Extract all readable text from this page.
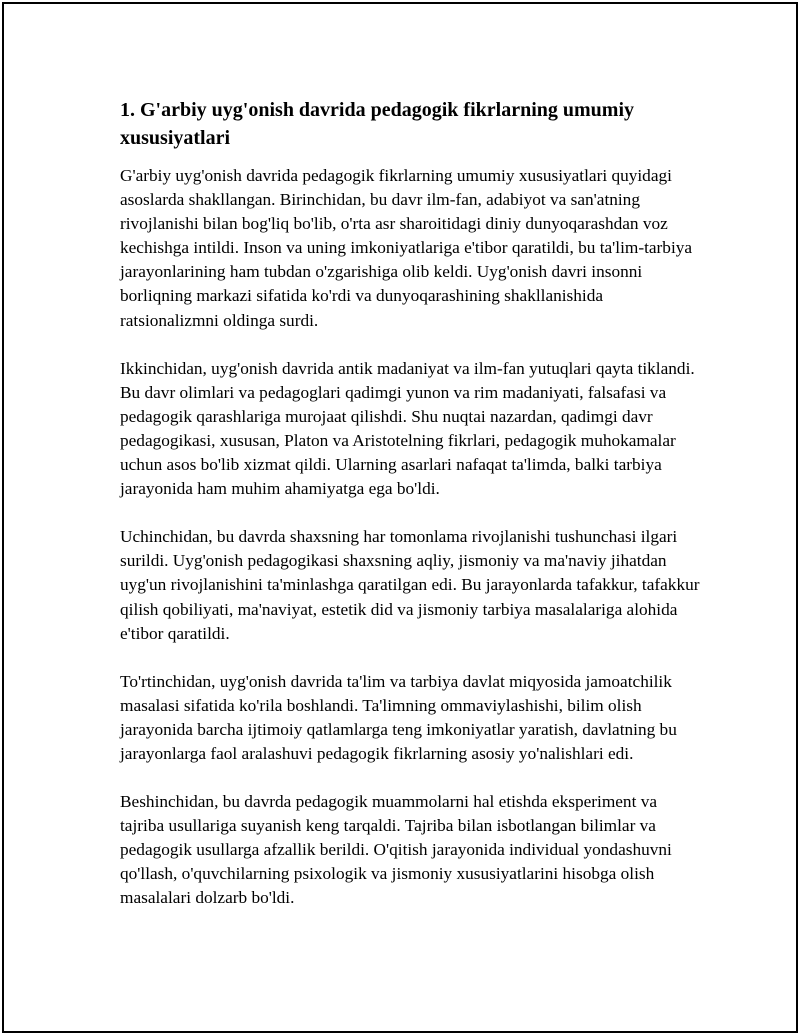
1. G'arbiy uyg'onish davrida pedagogik fikrlarning umumiy xususiyatlari

G'arbiy uyg'onish davrida pedagogik fikrlarning umumiy xususiyatlari quyidagi asoslarda shakllangan. Birinchidan, bu davr ilm-fan, adabiyot va san'atning rivojlanishi bilan bog'liq bo'lib, o'rta asr sharoitidagi diniy dunyoqarashdan voz kechishga intildi. Inson va uning imkoniyatlariga e'tibor qaratildi, bu ta'lim-tarbiya jarayonlarining ham tubdan o'zgarishiga olib keldi. Uyg'onish davri insonni borliqning markazi sifatida ko'rdi va dunyoqarashining shakllanishida ratsionalizmni oldinga surdi.

Ikkinchidan, uyg'onish davrida antik madaniyat va ilm-fan yutuqlari qayta tiklandi. Bu davr olimlari va pedagoglari qadimgi yunon va rim madaniyati, falsafasi va pedagogik qarashlariga murojaat qilishdi. Shu nuqtai nazardan, qadimgi davr pedagogikasi, xususan, Platon va Aristotelning fikrlari, pedagogik muhokamalar uchun asos bo'lib xizmat qildi. Ularning asarlari nafaqat ta'limda, balki tarbiya jarayonida ham muhim ahamiyatga ega bo'ldi.

Uchinchidan, bu davrda shaxsning har tomonlama rivojlanishi tushunchasi ilgari surildi. Uyg'onish pedagogikasi shaxsning aqliy, jismoniy va ma'naviy jihatdan uyg'un rivojlanishini ta'minlashga qaratilgan edi. Bu jarayonlarda tafakkur, tafakkur qilish qobiliyati, ma'naviyat, estetik did va jismoniy tarbiya masalalariga alohida e'tibor qaratildi.

To'rtinchidan, uyg'onish davrida ta'lim va tarbiya davlat miqyosida jamoatchilik masalasi sifatida ko'rila boshlandi. Ta'limning ommaviylashishi, bilim olish jarayonida barcha ijtimoiy qatlamlarga teng imkoniyatlar yaratish, davlatning bu jarayonlarga faol aralashuvi pedagogik fikrlarning asosiy yo'nalishlari edi.

Beshinchidan, bu davrda pedagogik muammolarni hal etishda eksperiment va tajriba usullariga suyanish keng tarqaldi. Tajriba bilan isbotlangan bilimlar va pedagogik usullarga afzallik berildi. O'qitish jarayonida individual yondashuvni qo'llash, o'quvchilarning psixologik va jismoniy xususiyatlarini hisobga olish masalalari dolzarb bo'ldi.
